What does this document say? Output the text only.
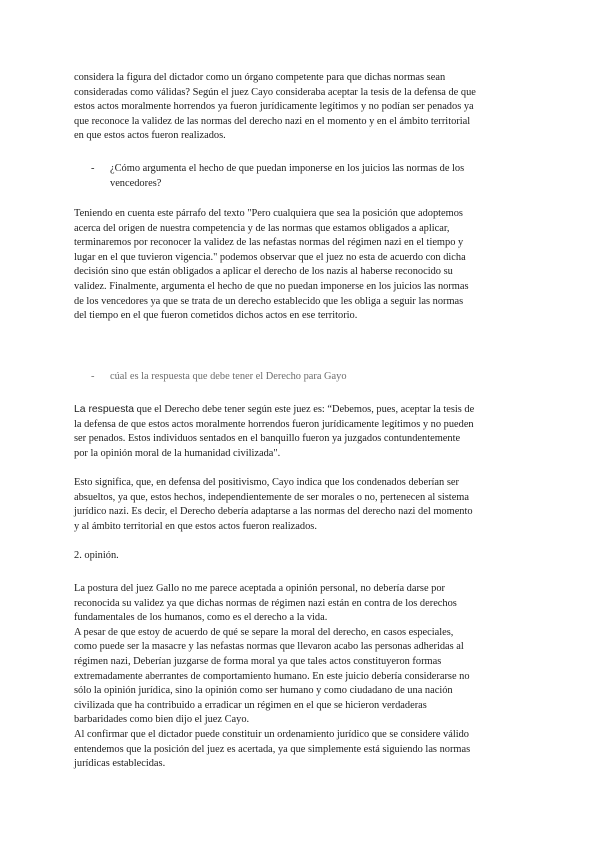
considera la figura del dictador como un órgano competente para que dichas normas sean
consideradas como válidas? Según el juez Cayo consideraba aceptar la tesis de la defensa de que
estos actos moralmente horrendos ya fueron jurídicamente legítimos y no podían ser penados ya
que reconoce la validez de las normas del derecho nazi en el momento y en el ámbito territorial
en que estos actos fueron realizados.
- ¿Cómo argumenta el hecho de que puedan imponerse en los juicios las normas de los
vencedores?
Teniendo en cuenta este párrafo del texto "Pero cualquiera que sea la posición que adoptemos
acerca del origen de nuestra competencia y de las normas que estamos obligados a aplicar,
terminaremos por reconocer la validez de las nefastas normas del régimen nazi en el tiempo y
lugar en el que tuvieron vigencia." podemos observar que el juez no esta de acuerdo con dicha
decisión sino que están obligados a aplicar el derecho de los nazis al haberse reconocido su
validez. Finalmente, argumenta el hecho de que no puedan imponerse en los juicios las normas
de los vencedores ya que se trata de un derecho establecido que les obliga a seguir las normas
del tiempo en el que fueron cometidos dichos actos en ese territorio.
- cúal es la respuesta que debe tener el Derecho para Gayo
La respuesta que el Derecho debe tener según este juez es: “Debemos, pues, aceptar la tesis de
la defensa de que estos actos moralmente horrendos fueron jurídicamente legítimos y no pueden
ser penados. Estos individuos sentados en el banquillo fueron ya juzgados contundentemente
por la opinión moral de la humanidad civilizada".
Esto significa, que, en defensa del positivismo, Cayo indica que los condenados deberían ser
absueltos, ya que, estos hechos, independientemente de ser morales o no, pertenecen al sistema
jurídico nazi. Es decir, el Derecho debería adaptarse a las normas del derecho nazi del momento
y al ámbito territorial en que estos actos fueron realizados.
2. opinión.
La postura del juez Gallo no me parece aceptada a opinión personal, no debería darse por
reconocida su validez ya que dichas normas de régimen nazi están en contra de los derechos
fundamentales de los humanos, como es el derecho a la vida.
A pesar de que estoy de acuerdo de qué se separe la moral del derecho, en casos especiales,
como puede ser la masacre y las nefastas normas que llevaron acabo las personas adheridas al
régimen nazi, Deberían juzgarse de forma moral ya que tales actos constituyeron formas
extremadamente aberrantes de comportamiento humano. En este juicio debería considerarse no
sólo la opinión jurídica, sino la opinión como ser humano y como ciudadano de una nación
civilizada que ha contribuido a erradicar un régimen en el que se hicieron verdaderas
barbaridades como bien dijo el juez Cayo.
Al confirmar que el dictador puede constituir un ordenamiento jurídico que se considere válido
entendemos que la posición del juez es acertada, ya que simplemente está siguiendo las normas
jurídicas establecidas.
